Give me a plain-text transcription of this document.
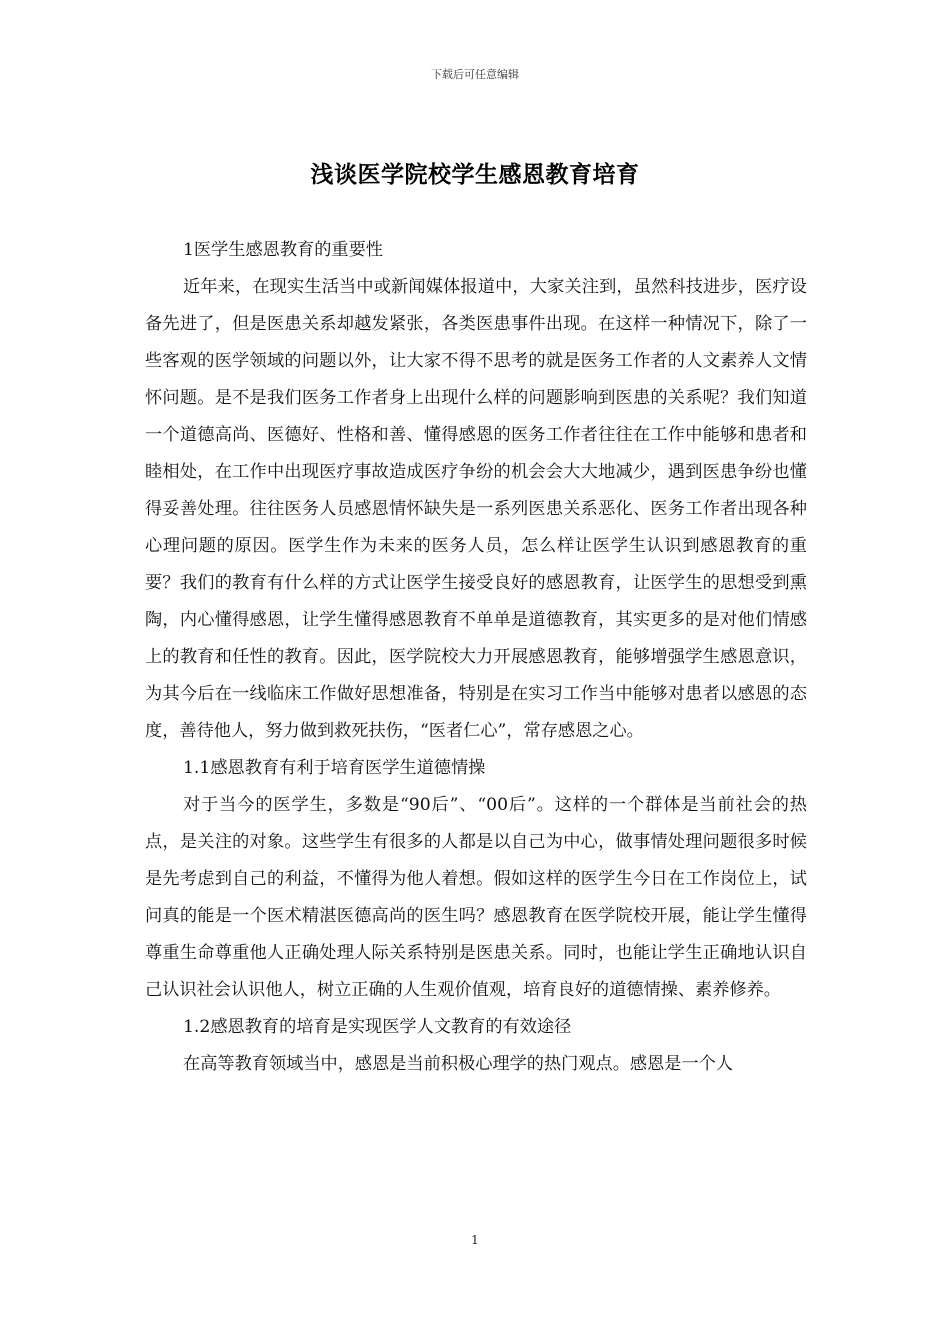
下载后可任意编辑
浅谈医学院校学生感恩教育培育

1医学生感恩教育的重要性

近年来，在现实生活当中或新闻媒体报道中，大家关注到，虽然科技进步，医疗设备先进了，但是医患关系却越发紧张，各类医患事件出现。在这样一种情况下，除了一些客观的医学领域的问题以外，让大家不得不思考的就是医务工作者的人文素养人文情怀问题。是不是我们医务工作者身上出现什么样的问题影响到医患的关系呢？我们知道一个道德高尚、医德好、性格和善、懂得感恩的医务工作者往往在工作中能够和患者和睦相处，在工作中出现医疗事故造成医疗争纷的机会会大大地减少，遇到医患争纷也懂得妥善处理。往往医务人员感恩情怀缺失是一系列医患关系恶化、医务工作者出现各种心理问题的原因。医学生作为未来的医务人员，怎么样让医学生认识到感恩教育的重要？我们的教育有什么样的方式让医学生接受良好的感恩教育，让医学生的思想受到熏陶，内心懂得感恩，让学生懂得感恩教育不单单是道德教育，其实更多的是对他们情感上的教育和任性的教育。因此，医学院校大力开展感恩教育，能够增强学生感恩意识，为其今后在一线临床工作做好思想准备，特别是在实习工作当中能够对患者以感恩的态度，善待他人，努力做到救死扶伤，“医者仁心”，常存感恩之心。

1.1感恩教育有利于培育医学生道德情操

对于当今的医学生，多数是“90后”、“00后”。这样的一个群体是当前社会的热点，是关注的对象。这些学生有很多的人都是以自己为中心，做事情处理问题很多时候是先考虑到自己的利益，不懂得为他人着想。假如这样的医学生今日在工作岗位上，试问真的能是一个医术精湛医德高尚的医生吗？感恩教育在医学院校开展，能让学生懂得尊重生命尊重他人正确处理人际关系特别是医患关系。同时，也能让学生正确地认识自己认识社会认识他人，树立正确的人生观价值观，培育良好的道德情操、素养修养。

1.2感恩教育的培育是实现医学人文教育的有效途径

在高等教育领域当中，感恩是当前积极心理学的热门观点。感恩是一个人

1
